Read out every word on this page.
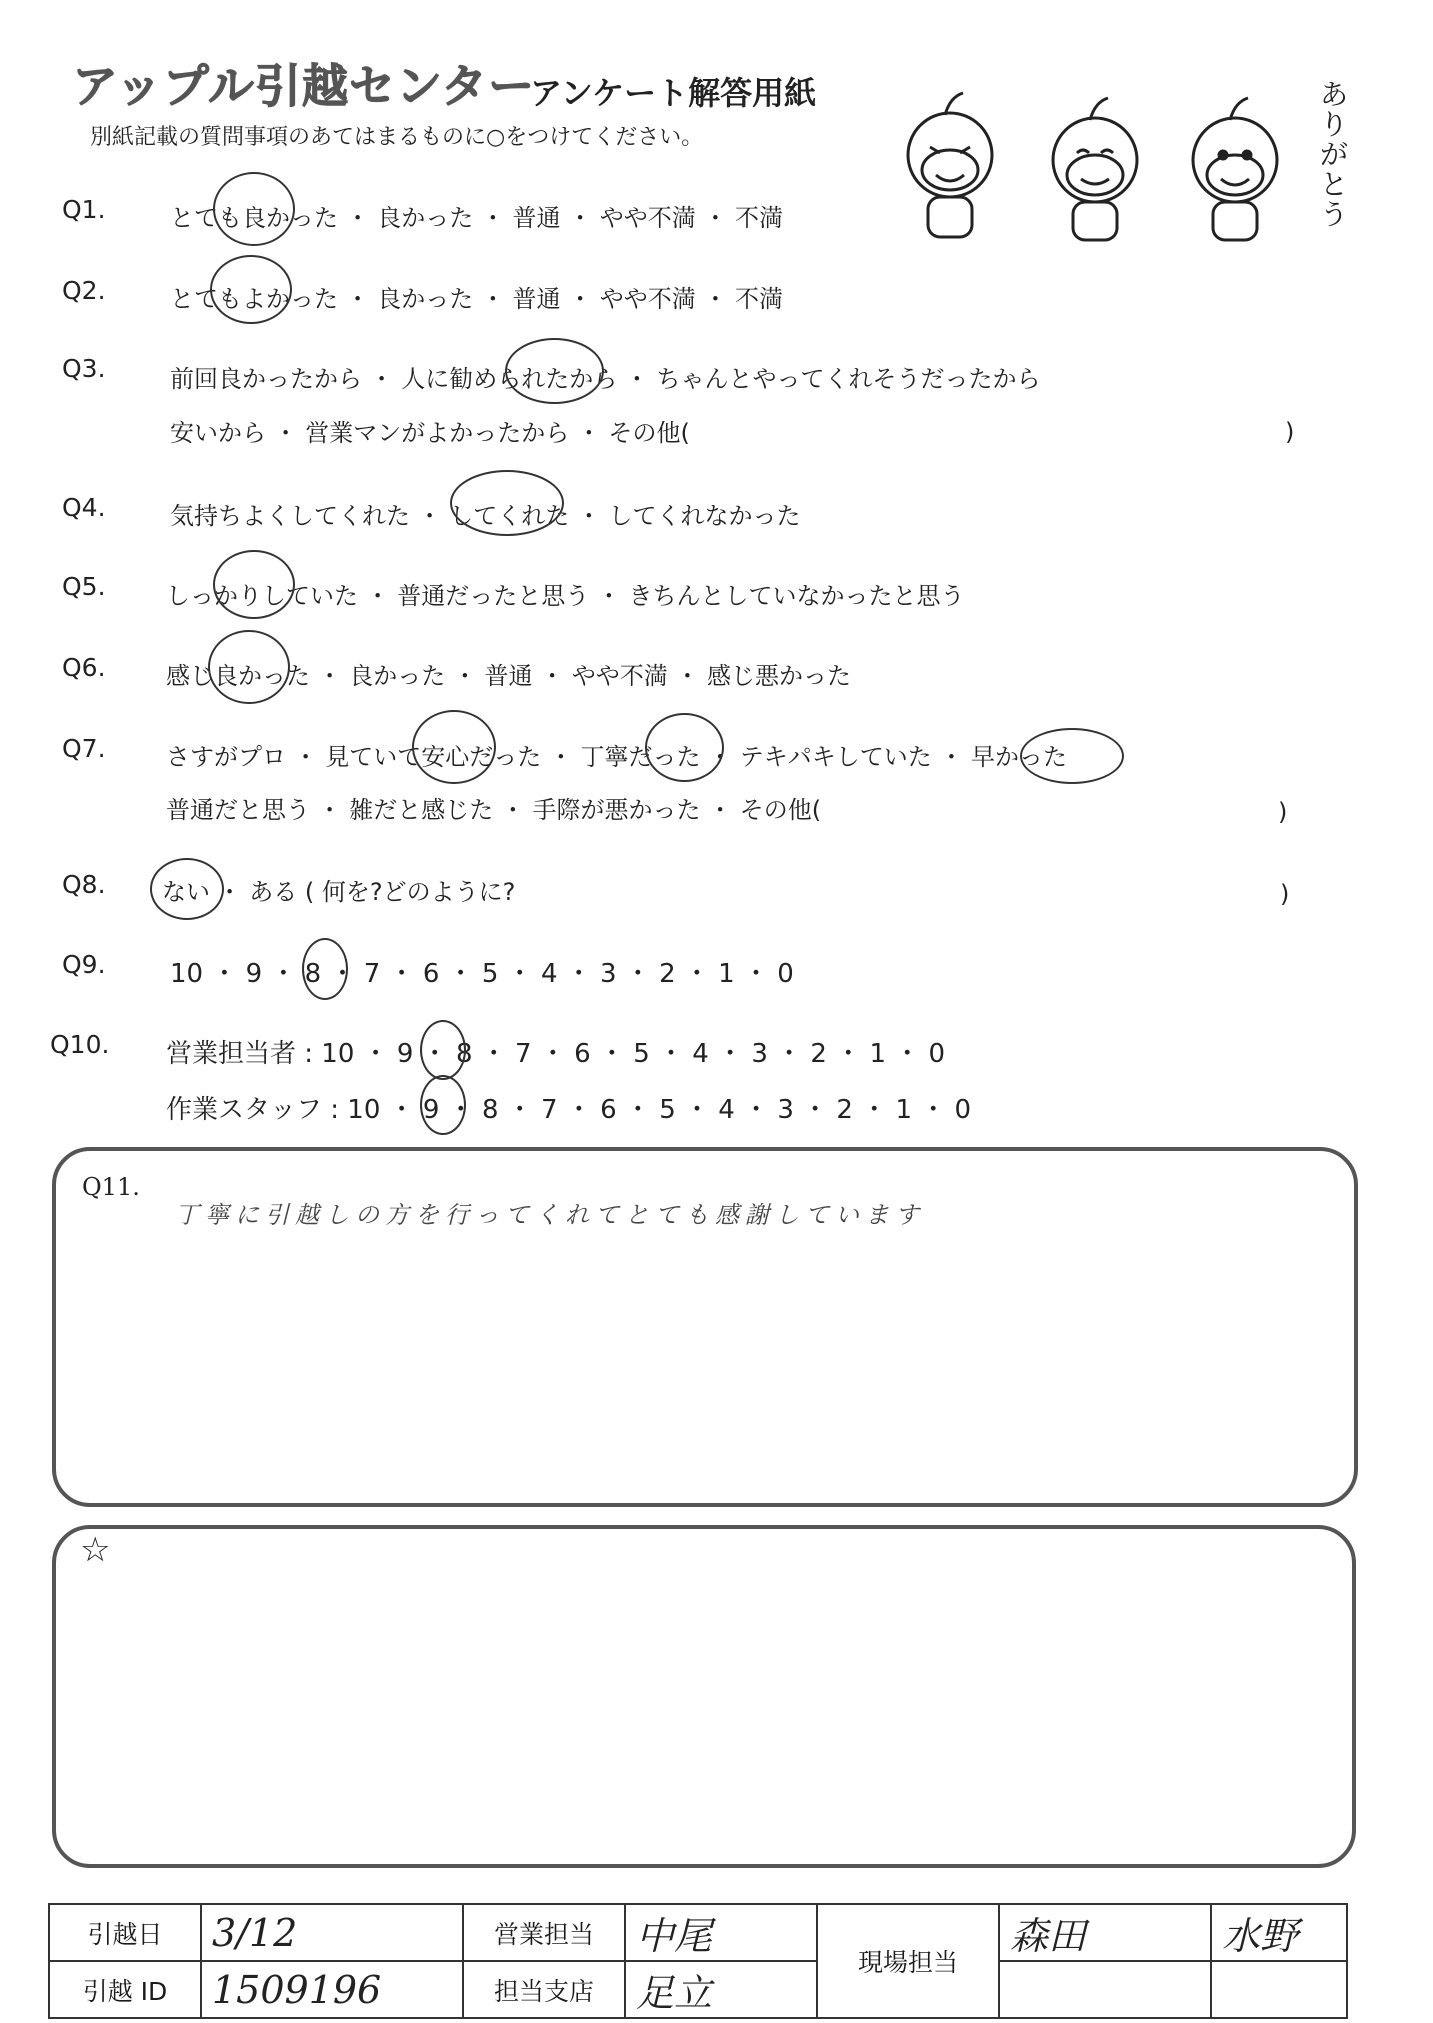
アップル引越センター
アンケート解答用紙
別紙記載の質問事項のあてはまるものに○をつけてください。
ありがとう
Q1.	とても良かった ・ 良かった ・ 普通 ・ やや不満 ・ 不満
Q2.	とてもよかった ・ 良かった ・ 普通 ・ やや不満 ・ 不満
Q3.	前回良かったから ・ 人に勧められたから ・ ちゃんとやってくれそうだったから
安いから ・ 営業マンがよかったから ・ その他(	)
Q4.	気持ちよくしてくれた ・ してくれた ・ してくれなかった
Q5.	しっかりしていた ・ 普通だったと思う ・ きちんとしていなかったと思う
Q6.	感じ良かった ・ 良かった ・ 普通 ・ やや不満 ・ 感じ悪かった
Q7.	さすがプロ ・ 見ていて安心だった ・ 丁寧だった ・ テキパキしていた ・ 早かった
普通だと思う ・ 雑だと感じた ・ 手際が悪かった ・ その他(	)
Q8. ない ・ ある ( 何を?どのように?	)
Q9. 10 ・ 9 ・ 8 ・ 7 ・ 6 ・ 5 ・ 4 ・ 3 ・ 2 ・ 1 ・ 0
Q10. 営業担当者 : 10 ・ 9 ・ 8 ・ 7 ・ 6 ・ 5 ・ 4 ・ 3 ・ 2 ・ 1 ・ 0
作業スタッフ : 10 ・ 9 ・ 8 ・ 7 ・ 6 ・ 5 ・ 4 ・ 3 ・ 2 ・ 1 ・ 0
Q11.
丁寧に引越しの方を行ってくれてとても感謝しています
☆
引越日	3/12	営業担当	中尾	現場担当	森田	水野
引越 ID	1509196	担当支店	足立			
